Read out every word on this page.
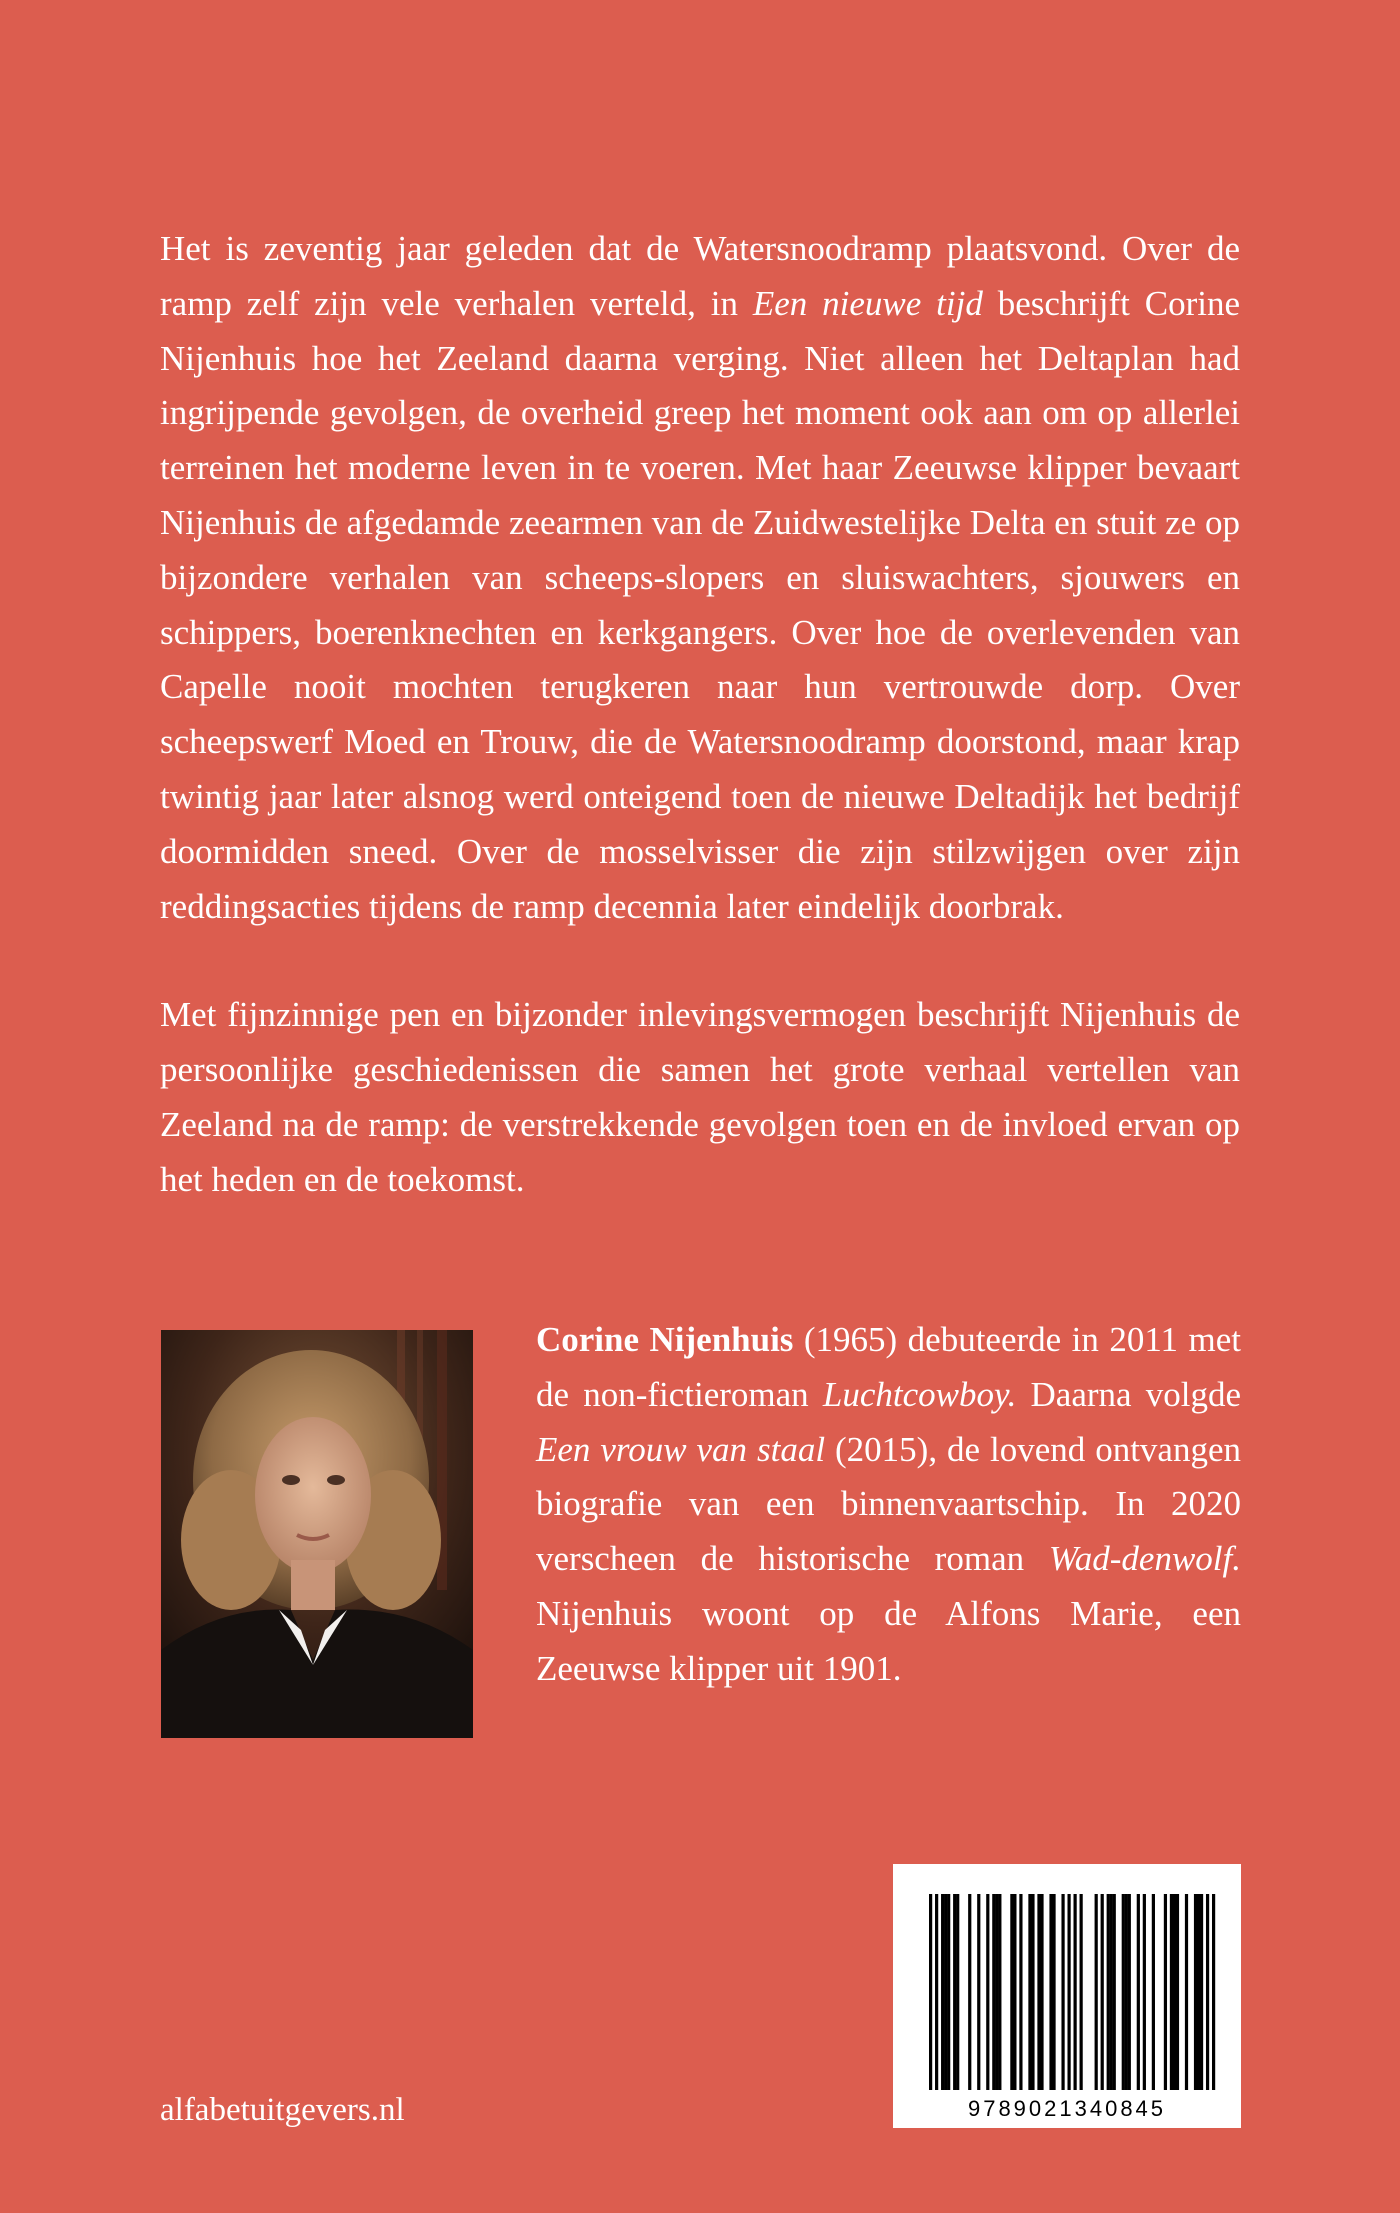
Het is zeventig jaar geleden dat de Watersnoodramp plaatsvond. Over de ramp zelf zijn vele verhalen verteld, in Een nieuwe tijd beschrijft Corine Nijenhuis hoe het Zeeland daarna verging. Niet alleen het Deltaplan had ingrijpende gevolgen, de overheid greep het moment ook aan om op allerlei terreinen het moderne leven in te voeren. Met haar Zeeuwse klipper bevaart Nijenhuis de afgedamde zeearmen van de Zuidwestelijke Delta en stuit ze op bijzondere verhalen van scheeps-slopers en sluiswachters, sjouwers en schippers, boerenknechten en kerkgangers. Over hoe de overlevenden van Capelle nooit mochten terugkeren naar hun vertrouwde dorp. Over scheepswerf Moed en Trouw, die de Watersnoodramp doorstond, maar krap twintig jaar later alsnog werd onteigend toen de nieuwe Deltadijk het bedrijf doormidden sneed. Over de mosselvisser die zijn stilzwijgen over zijn reddingsacties tijdens de ramp decennia later eindelijk doorbrak.

Met fijnzinnige pen en bijzonder inlevingsvermogen beschrijft Nijenhuis de persoonlijke geschiedenissen die samen het grote verhaal vertellen van Zeeland na de ramp: de verstrekkende gevolgen toen en de invloed ervan op het heden en de toekomst.

Corine Nijenhuis (1965) debuteerde in 2011 met de non-fictieroman Luchtcowboy. Daarna volgde Een vrouw van staal (2015), de lovend ontvangen biografie van een binnenvaartschip. In 2020 verscheen de historische roman Wad-denwolf. Nijenhuis woont op de Alfons Marie, een Zeeuwse klipper uit 1901.

alfabetuitgevers.nl	9789021340845
